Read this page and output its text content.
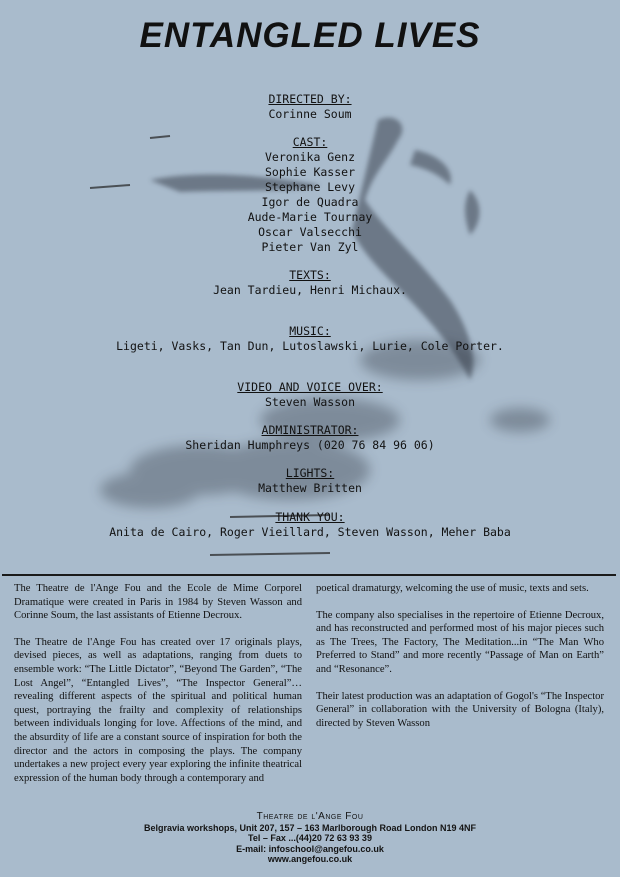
ENTANGLED LIVES
DIRECTED BY:
Corinne Soum
CAST:
Veronika Genz
Sophie Kasser
Stephane Levy
Igor de Quadra
Aude-Marie Tournay
Oscar Valsecchi
Pieter Van Zyl
TEXTS:
Jean Tardieu, Henri Michaux.
MUSIC:
Ligeti, Vasks, Tan Dun, Lutoslawski, Lurie, Cole Porter.
VIDEO AND VOICE OVER:
Steven Wasson
ADMINISTRATOR:
Sheridan Humphreys (020 76 84 96 06)
LIGHTS:
Matthew Britten
THANK YOU:
Anita de Cairo, Roger Vieillard, Steven Wasson, Meher Baba

The Theatre de l'Ange Fou and the Ecole de Mime Corporel Dramatique were created in Paris in 1984 by Steven Wasson and Corinne Soum, the last assistants of Etienne Decroux.

The Theatre de l'Ange Fou has created over 17 originals plays, devised pieces, as well as adaptations, ranging from duets to ensemble work: “The Little Dictator”, “Beyond The Garden”, “The Lost Angel”, “Entangled Lives”, “The Inspector General”… revealing different aspects of the spiritual and political human quest, portraying the frailty and complexity of relationships between individuals longing for love. Affections of the mind, and the absurdity of life are a constant source of inspiration for both the director and the actors in composing the plays. The company undertakes a new project every year exploring the infinite theatrical expression of the human body through a contemporary and

poetical dramaturgy, welcoming the use of music, texts and sets.

The company also specialises in the repertoire of Etienne Decroux, and has reconstructed and performed most of his major pieces such as The Trees, The Factory, The Meditation...in “The Man Who Preferred to Stand” and more recently “Passage of Man on Earth” and “Resonance”.

Their latest production was an adaptation of Gogol's “The Inspector General” in collaboration with the University of Bologna (Italy), directed by Steven Wasson

Theatre de l'Ange Fou
Belgravia workshops, Unit 207, 157 – 163 Marlborough Road London N19 4NF
Tel – Fax ...(44)20 72 63 93 39
E-mail: infoschool@angefou.co.uk
www.angefou.co.uk
